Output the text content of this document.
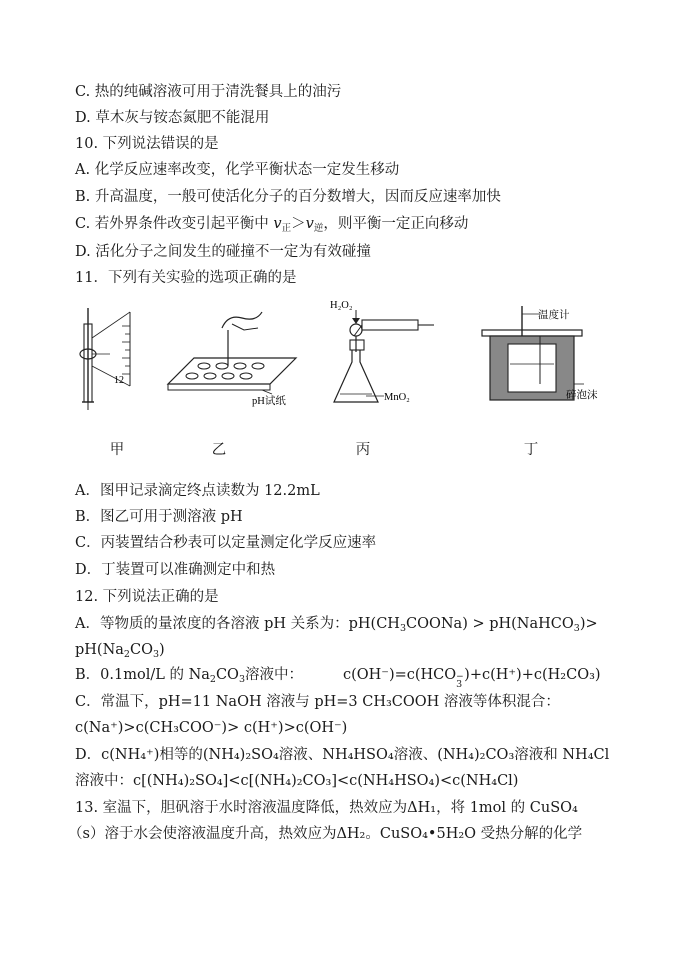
C. 热的纯碱溶液可用于清洗餐具上的油污
D. 草木灰与铵态氮肥不能混用
10. 下列说法错误的是
A. 化学反应速率改变，化学平衡状态一定发生移动
B. 升高温度，一般可使活化分子的百分数增大，因而反应速率加快
C. 若外界条件改变引起平衡中 $v_正>v_逆$，则平衡一定正向移动
D. 活化分子之间发生的碰撞不一定为有效碰撞
11．下列有关实验的选项正确的是
12
pH试纸
H₂O₂
MnO₂
温度计
碎泡沫
甲	乙	丙	丁
A．图甲记录滴定终点读数为 12.2mL
B．图乙可用于测溶液 pH
C．丙装置结合秒表可以定量测定化学反应速率
D．丁装置可以准确测定中和热
12. 下列说法正确的是
A．等物质的量浓度的各溶液 pH 关系为：$pH(CH_3COONa)$ > pH(NaHCO$_3$)>
$pH(Na_2CO_3)$
B．0.1mol/L 的 $Na_2CO_3$溶液中：	c(OH⁻)=c(HCO −
3
)+c(H⁺)+c(H₂CO₃)
C．常温下，pH=11 NaOH 溶液与 pH=3 CH₃COOH 溶液等体积混合：
c(Na⁺)>c(CH₃COO⁻)> c(H⁺)>c(OH⁻)
D．c(NH₄⁺)相等的(NH₄)₂SO₄溶液、NH₄HSO₄溶液、(NH₄)₂CO₃溶液和 NH₄Cl
溶液中：c[(NH₄)₂SO₄]<c[(NH₄)₂CO₃]<c(NH₄HSO₄)<c(NH₄Cl)
13. 室温下，胆矾溶于水时溶液温度降低，热效应为ΔH₁，将 1mol 的 CuSO₄
（s）溶于水会使溶液温度升高，热效应为ΔH₂。CuSO₄•5H₂O 受热分解的化学
